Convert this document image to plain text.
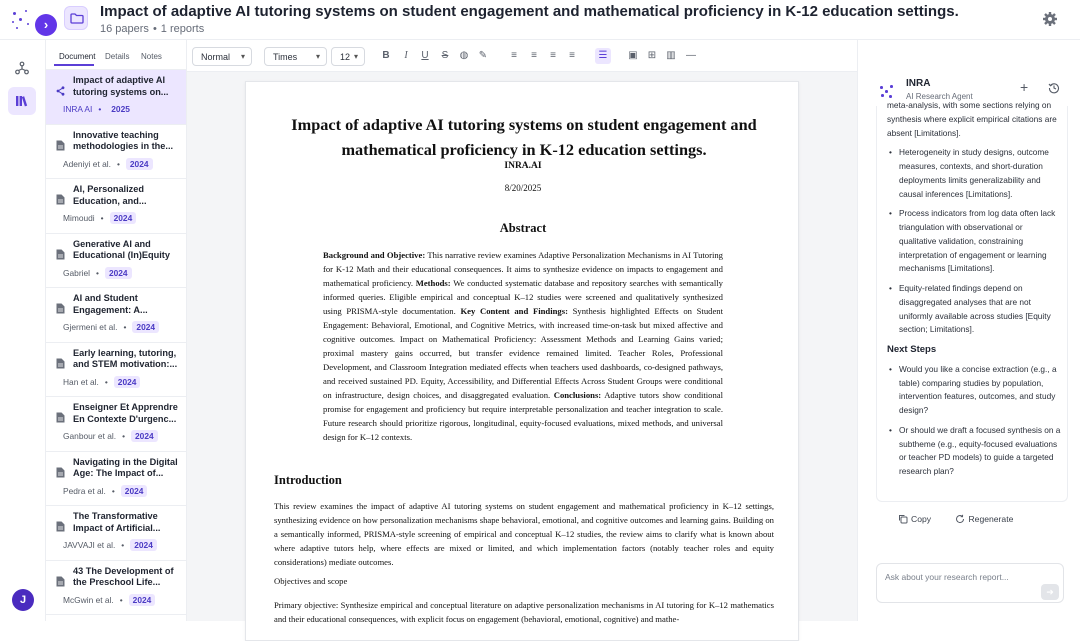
›
Impact of adaptive AI tutoring systems on student engagement and mathematical proficiency in K-12 education settings.
16 papers • 1 reports
J
Document Details Notes
Impact of adaptive AI tutoring systems on...
INRA AI • 2025
Innovative teaching methodologies in the...
Adeniyi et al. • 2024
AI, Personalized Education, and...
Mimoudi • 2024
Generative AI and Educational (In)Equity
Gabriel • 2024
AI and Student Engagement: A...
Gjermeni et al. • 2024
Early learning, tutoring, and STEM motivation:...
Han et al. • 2024
Enseigner Et Apprendre En Contexte D'urgenc...
Ganbour et al. • 2024
Navigating in the Digital Age: The Impact of...
Pedra et al. • 2024
The Transformative Impact of Artificial...
JAVVAJI et al. • 2024
43 The Development of the Preschool Life...
McGwin et al. • 2024
Normal ▾	Times ▾	12 ▾ B	I	U S ◍ ✎	≡	≡	≡	≡	☰	▣ ⊞ ▥ —
Impact of adaptive AI tutoring systems on student engagement and mathematical proficiency in K-12 education settings.
INRA.AI
8/20/2025
Abstract
Background and Objective: This narrative review examines Adaptive Personalization Mechanisms in AI Tutoring for K-12 Math and their educational consequences. It aims to synthesize evidence on impacts to engagement and mathematical proficiency. Methods: We conducted systematic database and repository searches with semantically informed queries. Eligible empirical and conceptual K–12 studies were screened and qualitatively synthesized using PRISMA-style documentation. Key Content and Findings: Synthesis highlighted Effects on Student Engagement: Behavioral, Emotional, and Cognitive Metrics, with increased time-on-task but mixed affective and cognitive outcomes. Impact on Mathematical Proficiency: Assessment Methods and Learning Gains varied; proximal mastery gains occurred, but transfer evidence remained limited. Teacher Roles, Professional Development, and Classroom Integration mediated effects when teachers used dashboards, co-designed pathways, and received sustained PD. Equity, Accessibility, and Differential Effects Across Student Groups were conditional on infrastructure, design choices, and disaggregated evaluation. Conclusions: Adaptive tutors show conditional promise for engagement and proficiency but require interpretable personalization and teacher integration to scale. Future research should prioritize rigorous, longitudinal, equity-focused evaluations, mixed methods, and universal design for K–12 contexts.
Introduction
This review examines the impact of adaptive AI tutoring systems on student engagement and mathematical proficiency in K–12 settings, synthesizing evidence on how personalization mechanisms shape behavioral, emotional, and cognitive outcomes and learning gains. Building on a semantically informed, PRISMA-style screening of empirical and conceptual K–12 studies, the review aims to clarify what is known about where adaptive tutors help, where effects are mixed or limited, and which implementation factors (notably teacher roles and equity considerations) mediate outcomes.
Objectives and scope
Primary objective: Synthesize empirical and conceptual literature on adaptive personalization mechanisms in AI tutoring for K–12 mathematics and their educational consequences, with explicit focus on engagement (behavioral, emotional, cognitive) and mathe-
INRA
AI Research Agent
+
meta-analysis, with some sections relying on synthesis where explicit empirical citations are absent [Limitations].
• Heterogeneity in study designs, outcome measures, contexts, and short-duration deployments limits generalizability and causal inferences [Limitations].
• Process indicators from log data often lack triangulation with observational or qualitative validation, constraining interpretation of engagement or learning mechanisms [Limitations].
• Equity-related findings depend on disaggregated analyses that are not uniformly available across studies [Equity section; Limitations].
Next Steps
• Would you like a concise extraction (e.g., a table) comparing studies by population, intervention features, outcomes, and study design?
• Or should we draft a focused synthesis on a subtheme (e.g., equity-focused evaluations or teacher PD models) to guide a targeted research plan?
Copy	Regenerate
Ask about your research report...
➜
